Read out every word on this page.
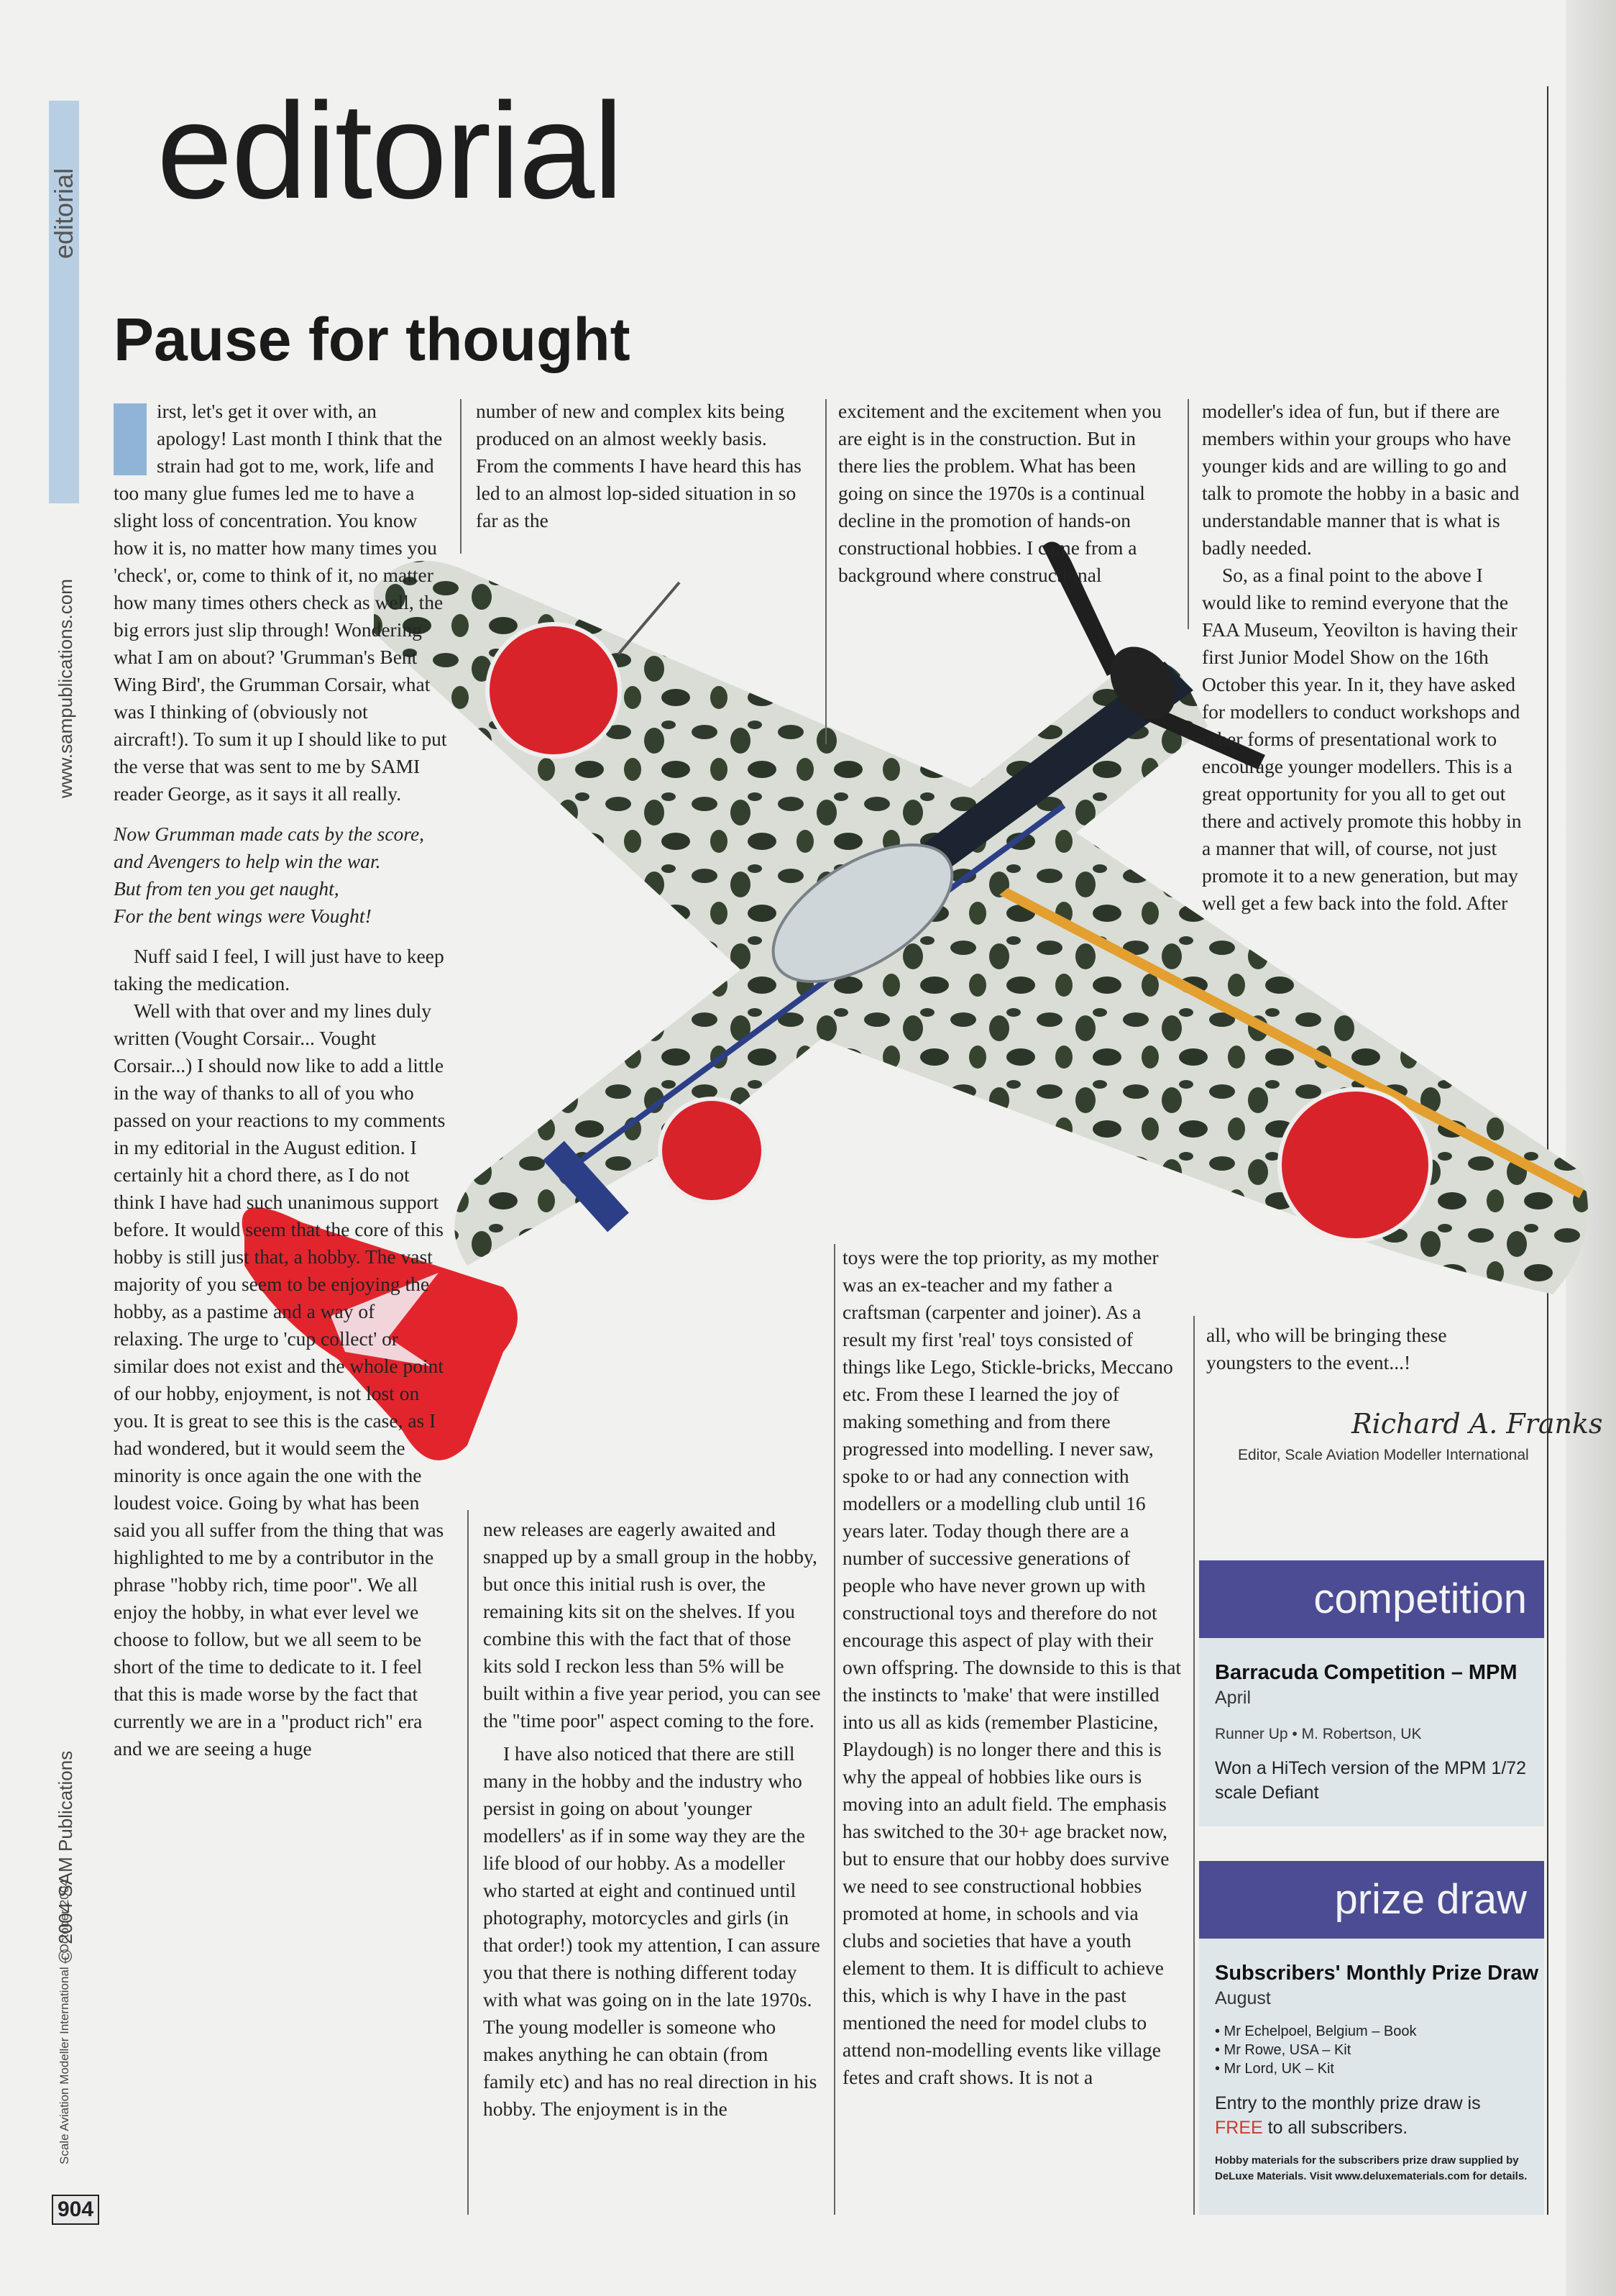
www.sampublications.com
© 2004 SAM Publications
Scale Aviation Modeller International – October 2004
editorial
Pause for thought

irst, let's get it over with, an apology! Last month I think that the strain had got to me, work, life and too many glue fumes led me to have a slight loss of concentration. You know how it is, no matter how many times you 'check', or, come to think of it, no matter how many times others check as well, the big errors just slip through! Wondering what I am on about? 'Grumman's Bent Wing Bird', the Grumman Corsair, what was I thinking of (obviously not aircraft!). To sum it up I should like to put the verse that was sent to me by SAMI reader George, as it says it all really.

Now Grumman made cats by the score,
and Avengers to help win the war.
But from ten you get naught,
For the bent wings were Vought!

Nuff said I feel, I will just have to keep taking the medication.

Well with that over and my lines duly written (Vought Corsair... Vought Corsair...) I should now like to add a little in the way of thanks to all of you who passed on your reactions to my comments in my editorial in the August edition. I certainly hit a chord there, as I do not think I have had such unanimous support before. It would seem that the core of this hobby is still just that, a hobby. The vast majority of you seem to be enjoying the hobby, as a pastime and a way of relaxing. The urge to 'cup collect' or similar does not exist and the whole point of our hobby, enjoyment, is not lost on you. It is great to see this is the case, as I had wondered, but it would seem the minority is once again the one with the loudest voice. Going by what has been said you all suffer from the thing that was highlighted to me by a contributor in the phrase "hobby rich, time poor". We all enjoy the hobby, in what ever level we choose to follow, but we all seem to be short of the time to dedicate to it. I feel that this is made worse by the fact that currently we are in a "product rich" era and we are seeing a huge

number of new and complex kits being produced on an almost weekly basis. From the comments I have heard this has led to an almost lop-sided situation in so far as the

new releases are eagerly awaited and snapped up by a small group in the hobby, but once this initial rush is over, the remaining kits sit on the shelves. If you combine this with the fact that of those kits sold I reckon less than 5% will be built within a five year period, you can see the "time poor" aspect coming to the fore.

I have also noticed that there are still many in the hobby and the industry who persist in going on about 'younger modellers' as if in some way they are the life blood of our hobby. As a modeller who started at eight and continued until photography, motorcycles and girls (in that order!) took my attention, I can assure you that there is nothing different today with what was going on in the late 1970s. The young modeller is someone who makes anything he can obtain (from family etc) and has no real direction in his hobby. The enjoyment is in the

excitement and the excitement when you are eight is in the construction. But in there lies the problem. What has been going on since the 1970s is a continual decline in the promotion of hands-on constructional hobbies. I came from a background where constructional

toys were the top priority, as my mother was an ex-teacher and my father a craftsman (carpenter and joiner). As a result my first 'real' toys consisted of things like Lego, Stickle-bricks, Meccano etc. From these I learned the joy of making something and from there progressed into modelling. I never saw, spoke to or had any connection with modellers or a modelling club until 16 years later. Today though there are a number of successive generations of people who have never grown up with constructional toys and therefore do not encourage this aspect of play with their own offspring. The downside to this is that the instincts to 'make' that were instilled into us all as kids (remember Plasticine, Playdough) is no longer there and this is why the appeal of hobbies like ours is moving into an adult field. The emphasis has switched to the 30+ age bracket now, but to ensure that our hobby does survive we need to see constructional hobbies promoted at home, in schools and via clubs and societies that have a youth element to them. It is difficult to achieve this, which is why I have in the past mentioned the need for model clubs to attend non-modelling events like village fetes and craft shows. It is not a

modeller's idea of fun, but if there are members within your groups who have younger kids and are willing to go and talk to promote the hobby in a basic and understandable manner that is what is badly needed.

So, as a final point to the above I would like to remind everyone that the FAA Museum, Yeovilton is having their first Junior Model Show on the 16th October this year. In it, they have asked for modellers to conduct workshops and other forms of presentational work to encourage younger modellers. This is a great opportunity for you all to get out there and actively promote this hobby in a manner that will, of course, not just promote it to a new generation, but may well get a few back into the fold. After

all, who will be bringing these youngsters to the event...!

Richard A. Franks
Editor, Scale Aviation Modeller International
competition
Barracuda Competition – MPM
April
Runner Up • M. Robertson, UK
Won a HiTech version of the MPM 1/72 scale Defiant
prize draw
Subscribers' Monthly Prize Draw
August
• Mr Echelpoel, Belgium – Book
• Mr Rowe, USA – Kit
• Mr Lord, UK – Kit
Entry to the monthly prize draw is
FREE to all subscribers.
Hobby materials for the subscribers prize draw supplied by DeLuxe Materials. Visit www.deluxematerials.com for details.
904
